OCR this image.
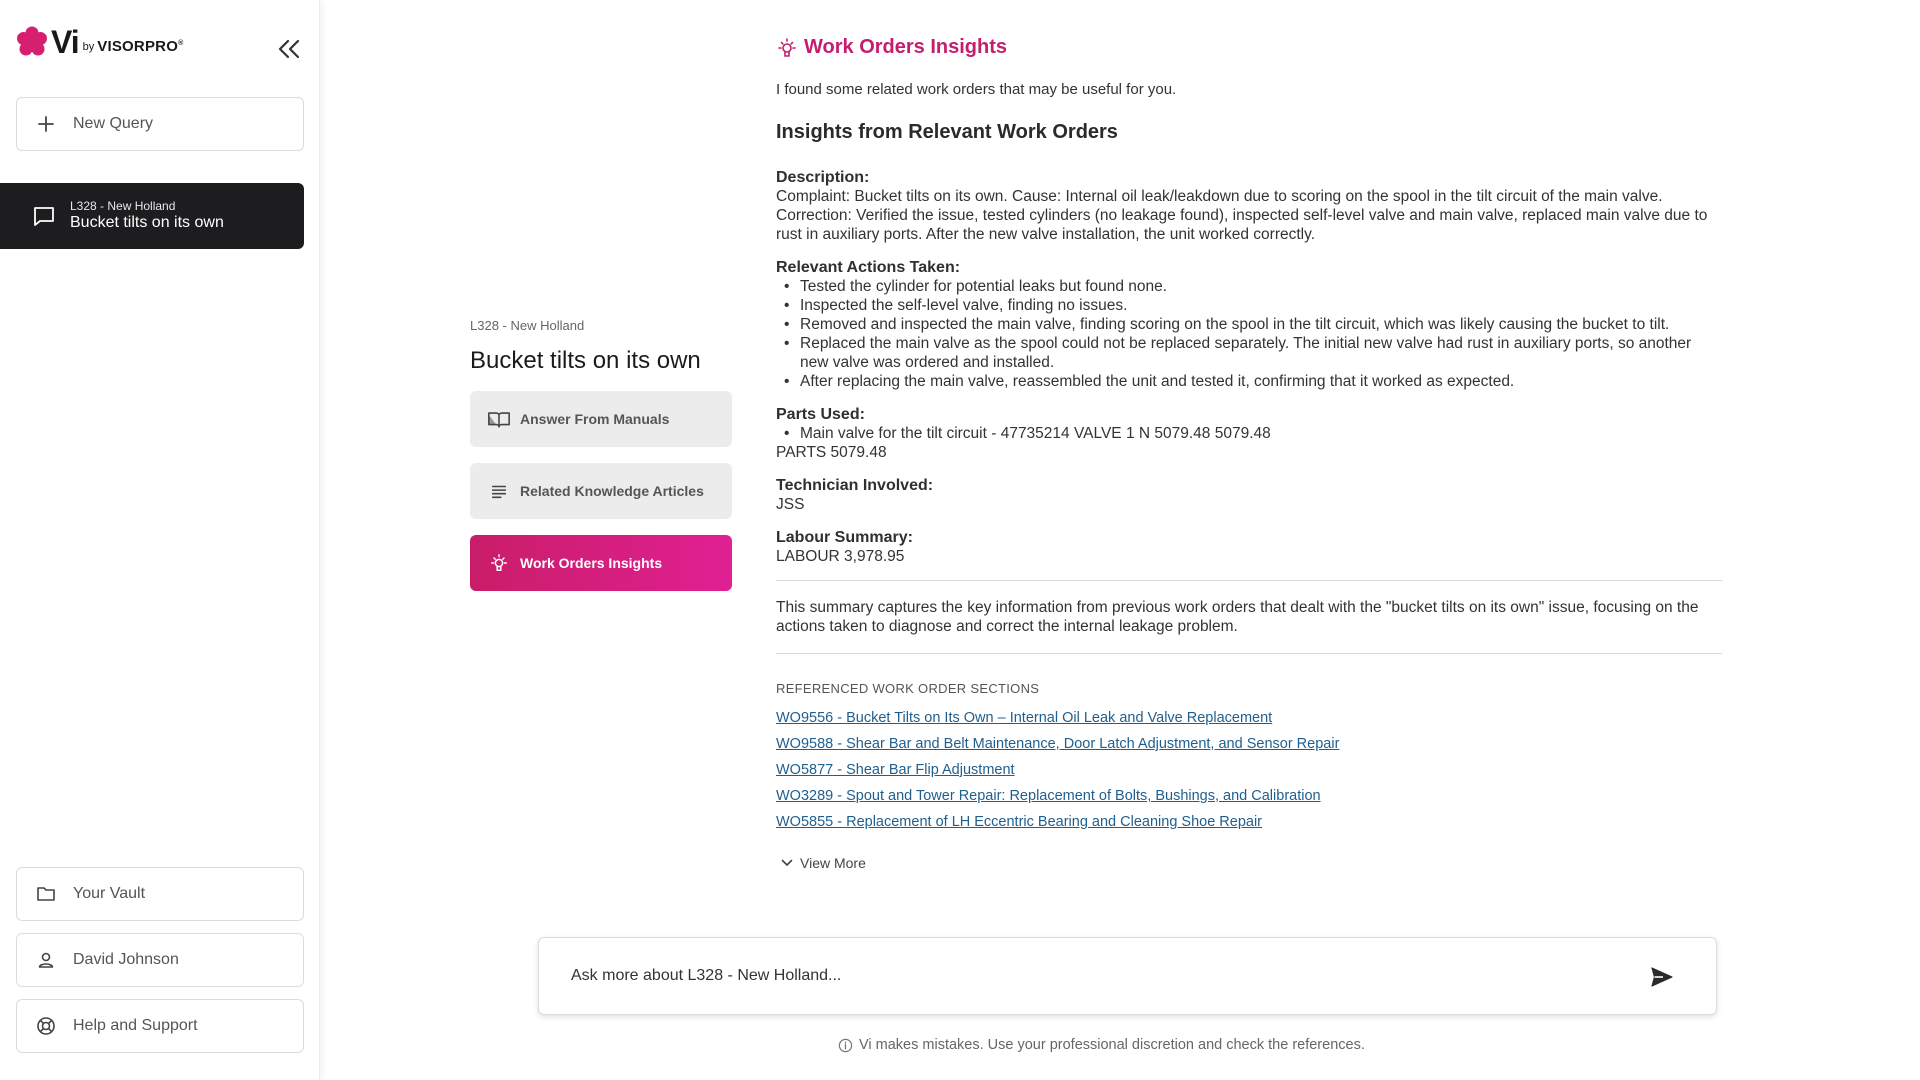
Vi by VISORPRO®
New Query
L328 - New Holland
Bucket tilts on its own
Your Vault
David Johnson
Help and Support
L328 - New Holland
Bucket tilts on its own
Answer From Manuals
Related Knowledge Articles
Work Orders Insights
Work Orders Insights
I found some related work orders that may be useful for you.
Insights from Relevant Work Orders
Description:
Complaint: Bucket tilts on its own. Cause: Internal oil leak/leakdown due to scoring on the spool in the tilt circuit of the main valve. Correction: Verified the issue, tested cylinders (no leakage found), inspected self-level valve and main valve, replaced main valve due to rust in auxiliary ports. After the new valve installation, the unit worked correctly.
Relevant Actions Taken:
• Tested the cylinder for potential leaks but found none.
• Inspected the self-level valve, finding no issues.
• Removed and inspected the main valve, finding scoring on the spool in the tilt circuit, which was likely causing the bucket to tilt.
• Replaced the main valve as the spool could not be replaced separately. The initial new valve had rust in auxiliary ports, so another new valve was ordered and installed.
• After replacing the main valve, reassembled the unit and tested it, confirming that it worked as expected.
Parts Used:
• Main valve for the tilt circuit - 47735214 VALVE 1 N 5079.48 5079.48
PARTS 5079.48
Technician Involved:
JSS
Labour Summary:
LABOUR 3,978.95
This summary captures the key information from previous work orders that dealt with the "bucket tilts on its own" issue, focusing on the actions taken to diagnose and correct the internal leakage problem.
REFERENCED WORK ORDER SECTIONS
WO9556 - Bucket Tilts on Its Own – Internal Oil Leak and Valve Replacement
WO9588 - Shear Bar and Belt Maintenance, Door Latch Adjustment, and Sensor Repair
WO5877 - Shear Bar Flip Adjustment
WO3289 - Spout and Tower Repair: Replacement of Bolts, Bushings, and Calibration
WO5855 - Replacement of LH Eccentric Bearing and Cleaning Shoe Repair
View More
Ask more about L328 - New Holland...
Vi makes mistakes. Use your professional discretion and check the references.
